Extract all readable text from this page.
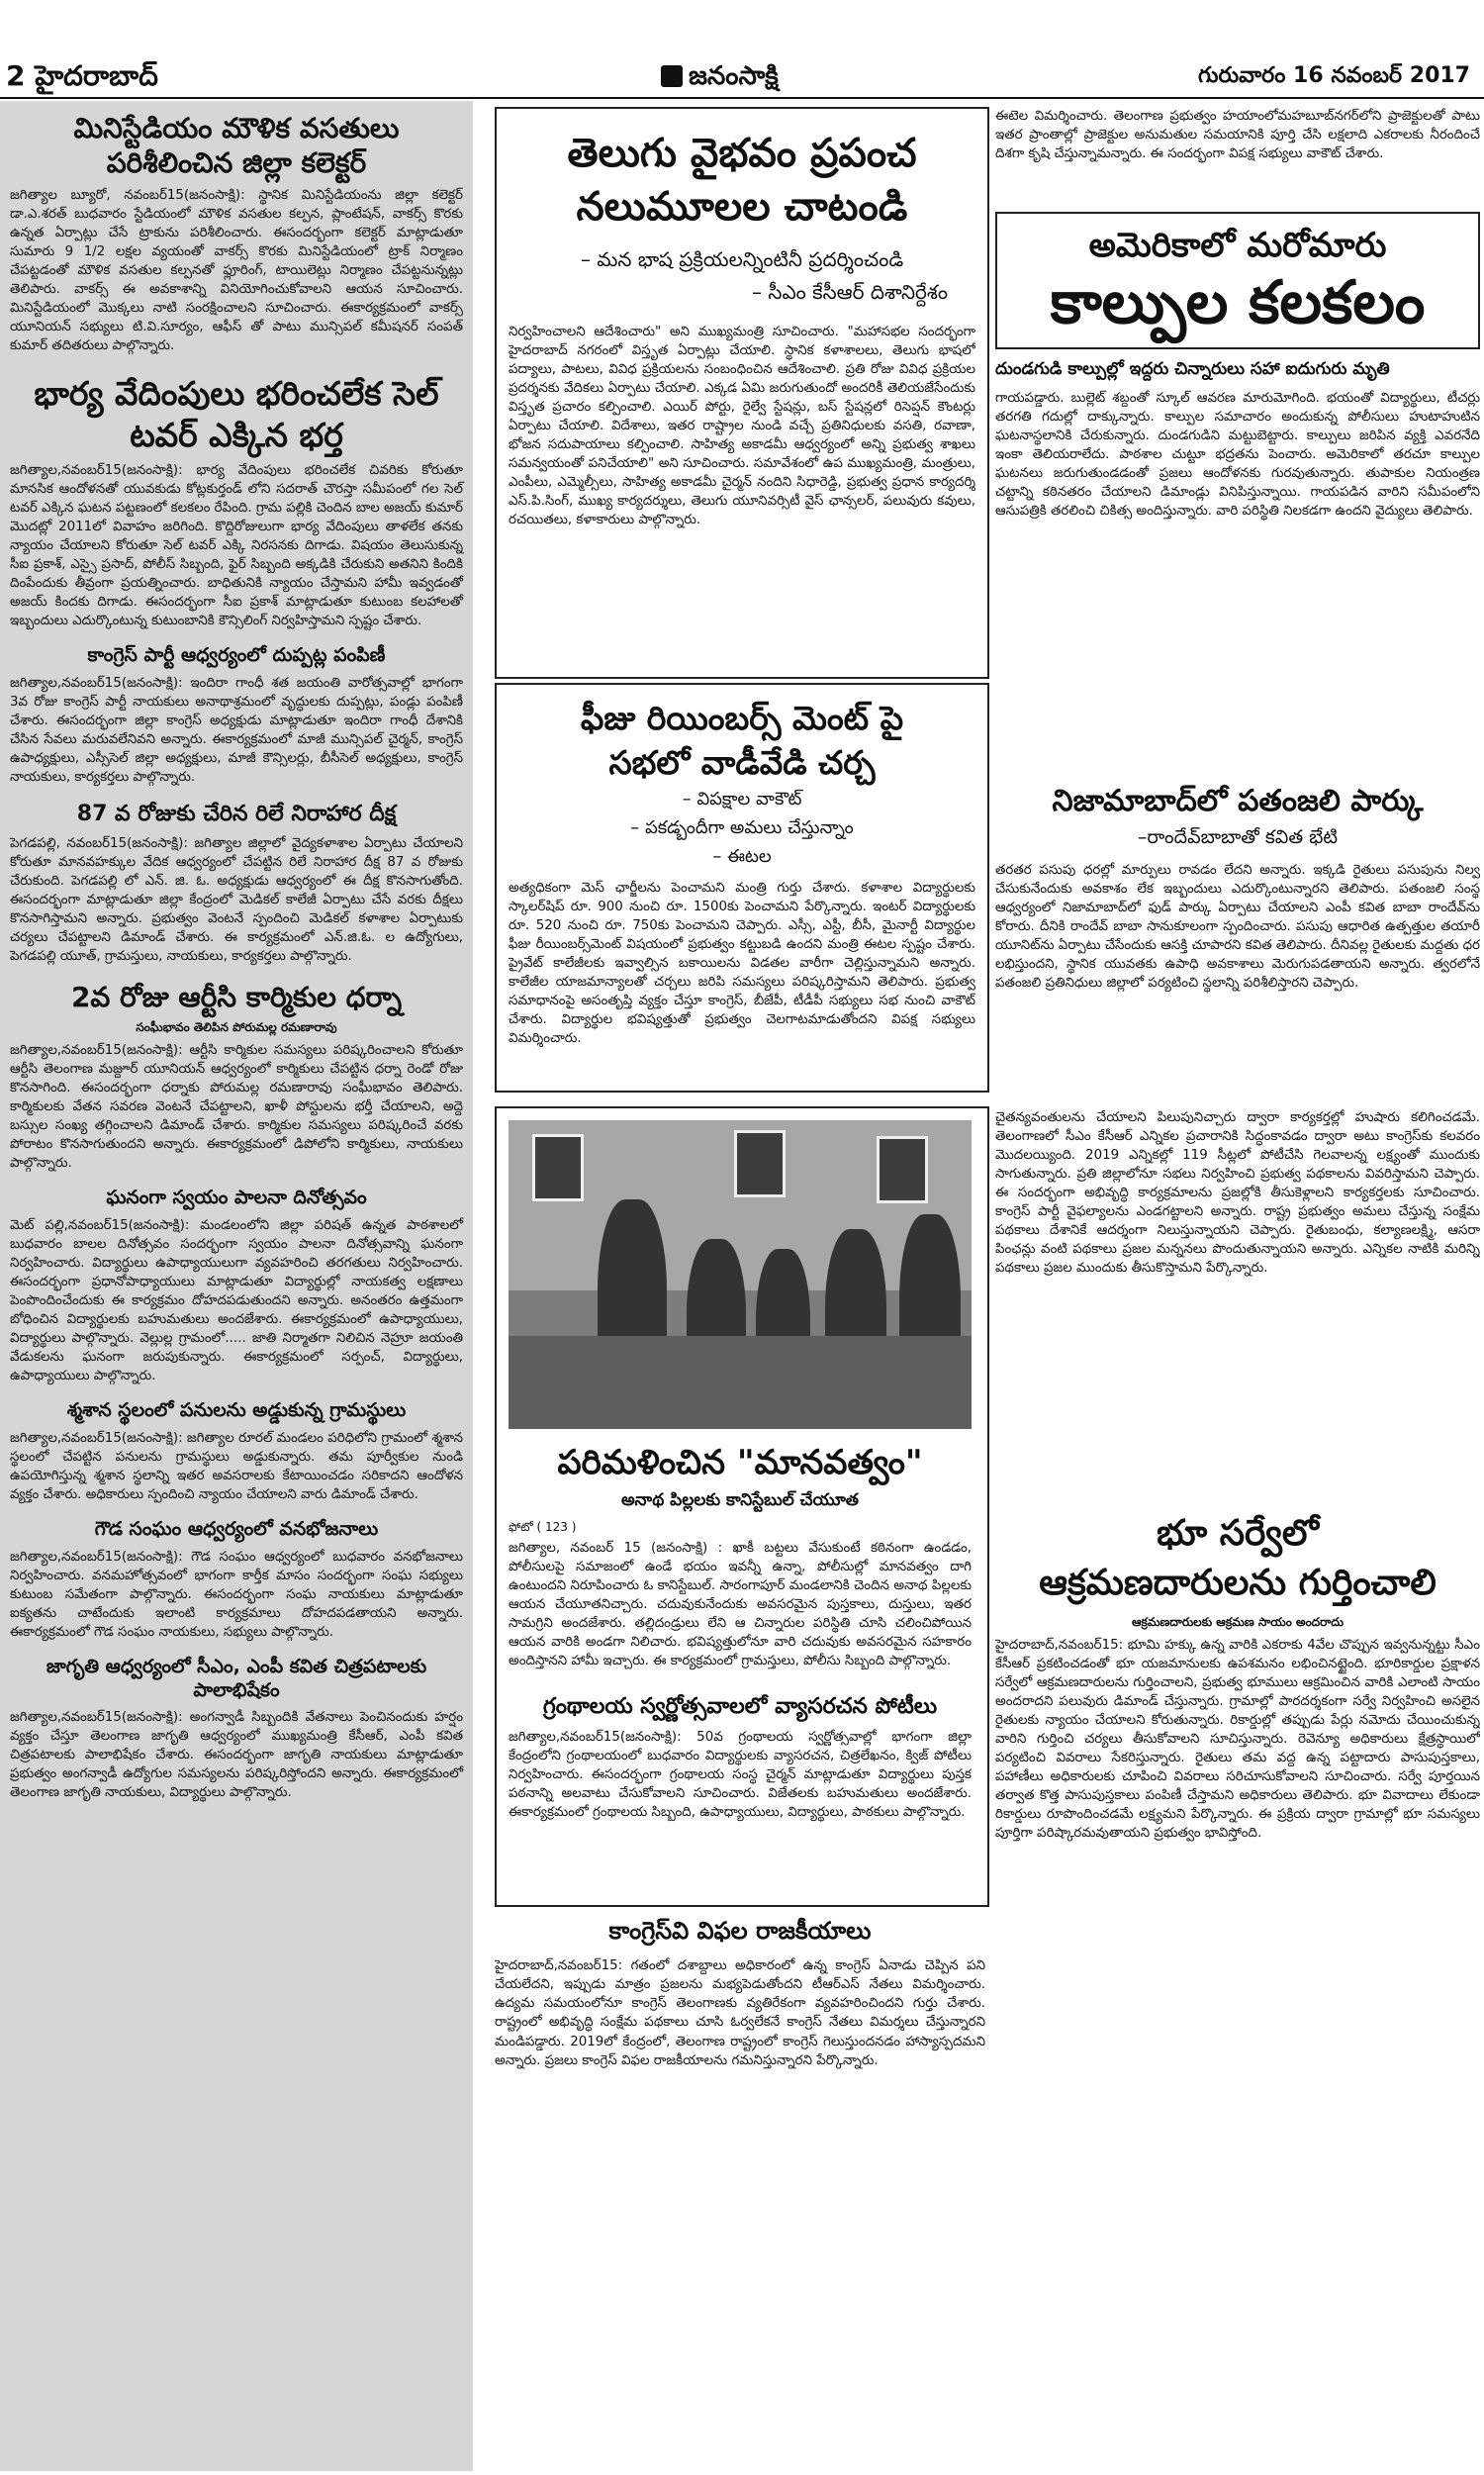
2 హైదరాబాద్	జనంసాక్షి	గురువారం 16 నవంబర్ 2017
మినిస్టేడియం మౌళిక వసతులు పరిశీలించిన జిల్లా కలెక్టర్
జగిత్యాల బ్యూరో, నవంబర్15(జనంసాక్షి): స్థానిక మినిస్టేడియంను జిల్లా కలెక్టర్ డా.ఎ.శరత్ బుధవారం స్టేడియంలో మౌళిక వసతుల కల్పన, ప్లాంటేషన్, వాకర్స్ కొరకు ఉన్నత ఏర్పాట్లు చేసే ట్రాకును పరిశీలించారు. ఈసందర్భంగా కలెక్టర్ మాట్లాడుతూ సుమారు 9 1/2 లక్షల వ్యయంతో వాకర్స్ కొరకు మినిస్టేడియంలో ట్రాక్ నిర్మాణం చేపట్టడంతో మౌళిక వసతుల కల్పనతో ఫ్లూరింగ్, టాయిలెట్లు నిర్మాణం చేపట్టనున్నట్లు తెలిపారు. వాకర్స్ ఈ అవకాశాన్ని వినియోగించుకోవాలని ఆయన సూచించారు. మినిస్టేడియంలో మొక్కలు నాటి సంరక్షించాలని సూచించారు. ఈకార్యక్రమంలో వాకర్స్ యూనియన్ సభ్యులు టి.వి.సూర్యం, ఆఫీస్ తో పాటు మున్సిపల్ కమీషనర్ సంపత్ కుమార్ తదితరులు పాల్గొన్నారు.
భార్య వేదింపులు భరించలేక సెల్ టవర్ ఎక్కిన భర్త
జగిత్యాల,నవంబర్15(జనంసాక్షి): భార్య వేదింపులు భరించలేక చివరికు కోరుతూ మానసిక ఆందోళనతో యువకుడు కోట్లకుర్తండ్ లోని సదరాత్ చౌరస్తా సమీపంలో గల సెల్ టవర్ ఎక్కిన ఘటన పట్టణంలో కలకలం రేపింది. గ్రామ పల్లికి చెందిన బాల అజయ్ కుమార్ మొదట్లో 2011లో వివాహం జరిగింది. కొద్దిరోజులుగా భార్య వేదింపులు తాళలేక తనకు న్యాయం చేయాలని కోరుతూ సెల్ టవర్ ఎక్కి నిరసనకు దిగాడు. విషయం తెలుసుకున్న సీఐ ప్రకాశ్, ఎస్సై ప్రసాద్, పోలీస్ సిబ్బంది, ఫైర్ సిబ్బంది అక్కడికి చేరుకుని అతనిని కిందికి దింపేందుకు తీవ్రంగా ప్రయత్నించారు. బాధితునికి న్యాయం చేస్తామని హామీ ఇవ్వడంతో అజయ్ కిందకు దిగాడు. ఈసందర్భంగా సీఐ ప్రకాశ్ మాట్లాడుతూ కుటుంబ కలహాలతో ఇబ్బందులు ఎదుర్కొంటున్న కుటుంబానికి కౌన్సిలింగ్ నిర్వహిస్తామని స్పష్టం చేశారు.
కాంగ్రెస్ పార్టీ ఆధ్వర్యంలో దుప్పట్ల పంపిణీ
జగిత్యాల,నవంబర్15(జనంసాక్షి): ఇందిరా గాంధీ శత జయంతి వారోత్సవాల్లో భాగంగా 3వ రోజు కాంగ్రెస్ పార్టీ నాయకులు అనాథాశ్రమంలో వృద్ధులకు దుప్పట్లు, పండ్లు పంపిణీ చేశారు. ఈసందర్భంగా జిల్లా కాంగ్రెస్ అధ్యక్షుడు మాట్లాడుతూ ఇందిరా గాంధీ దేశానికి చేసిన సేవలు మరువలేనివని అన్నారు. ఈకార్యక్రమంలో మాజీ మున్సిపల్ చైర్మన్, కాంగ్రెస్ ఉపాధ్యక్షులు, ఎస్సీసెల్ జిల్లా అధ్యక్షులు, మాజీ కౌన్సిలర్లు, బీసీసెల్ అధ్యక్షులు, కాంగ్రెస్ నాయకులు, కార్యకర్తలు పాల్గొన్నారు.
87 వ రోజుకు చేరిన రిలే నిరాహార దీక్ష
పెగడపల్లి, నవంబర్15(జనంసాక్షి): జగిత్యాల జిల్లాలో వైద్యకళాశాల ఏర్పాటు చేయాలని కోరుతూ మానవహక్కుల వేదిక ఆధ్వర్యంలో చేపట్టిన రిలే నిరాహార దీక్ష 87 వ రోజుకు చేరుకుంది. పెగడపల్లి లో ఎన్. జి. ఓ. అధ్యక్షుడు ఆధ్వర్యంలో ఈ దీక్ష కొనసాగుతోంది. ఈసందర్భంగా మాట్లాడుతూ జిల్లా కేంద్రంలో మెడికల్ కాలేజీ ఏర్పాటు చేసే వరకు దీక్షలు కొనసాగిస్తామని అన్నారు. ప్రభుత్వం వెంటనే స్పందించి మెడికల్ కళాశాల ఏర్పాటుకు చర్యలు చేపట్టాలని డిమాండ్ చేశారు. ఈ కార్యక్రమంలో ఎన్.జి.ఓ. ల ఉద్యోగులు, పెగడపల్లి యూత్, గ్రామస్తులు, నాయకులు, కార్యకర్తలు పాల్గొన్నారు.
2వ రోజు ఆర్టీసి కార్మికుల ధర్నా
సంఘీభావం తెలిపిన పోరుమల్ల రమణారావు
జగిత్యాల,నవంబర్15(జనంసాక్షి): ఆర్టీసి కార్మికుల సమస్యలు పరిష్కరించాలని కోరుతూ ఆర్టీసి తెలంగాణ మజ్దూర్ యూనియన్ ఆధ్వర్యంలో కార్మికులు చేపట్టిన ధర్నా రెండో రోజు కొనసాగింది. ఈసందర్భంగా ధర్నాకు పోరుమల్ల రమణారావు సంఘీభావం తెలిపారు. కార్మికులకు వేతన సవరణ వెంటనే చేపట్టాలని, ఖాళీ పోస్టులను భర్తీ చేయాలని, అద్దె బస్సుల సంఖ్య తగ్గించాలని డిమాండ్ చేశారు. కార్మికుల సమస్యలు పరిష్కరించే వరకు పోరాటం కొనసాగుతుందని అన్నారు. ఈకార్యక్రమంలో డిపోలోని కార్మికులు, నాయకులు పాల్గొన్నారు.
ఘనంగా స్వయం పాలనా దినోత్సవం
మెట్ పల్లి,నవంబర్15(జనంసాక్షి): మండలంలోని జిల్లా పరిషత్ ఉన్నత పాఠశాలలో బుధవారం బాలల దినోత్సవం సందర్భంగా స్వయం పాలనా దినోత్సవాన్ని ఘనంగా నిర్వహించారు. విద్యార్థులు ఉపాధ్యాయులుగా వ్యవహరించి తరగతులు నిర్వహించారు. ఈసందర్భంగా ప్రధానోపాధ్యాయులు మాట్లాడుతూ విద్యార్థుల్లో నాయకత్వ లక్షణాలు పెంపొందించేందుకు ఈ కార్యక్రమం దోహదపడుతుందని అన్నారు. అనంతరం ఉత్తమంగా బోధించిన విద్యార్థులకు బహుమతులు అందజేశారు. ఈకార్యక్రమంలో ఉపాధ్యాయులు, విద్యార్థులు పాల్గొన్నారు. వెల్లుల్ల గ్రామంలో..... జాతి నిర్మాతగా నిలిచిన నెహ్రూ జయంతి వేడుకలను ఘనంగా జరుపుకున్నారు. ఈకార్యక్రమంలో సర్పంచ్, విద్యార్థులు, ఉపాధ్యాయులు పాల్గొన్నారు.
శ్మశాన స్థలంలో పనులను అడ్డుకున్న గ్రామస్థులు
జగిత్యాల,నవంబర్15(జనంసాక్షి): జగిత్యాల రూరల్ మండలం పరిధిలోని గ్రామంలో శ్మశాన స్థలంలో చేపట్టిన పనులను గ్రామస్థులు అడ్డుకున్నారు. తమ పూర్వీకుల నుండి ఉపయోగిస్తున్న శ్మశాన స్థలాన్ని ఇతర అవసరాలకు కేటాయించడం సరికాదని ఆందోళన వ్యక్తం చేశారు. అధికారులు స్పందించి న్యాయం చేయాలని వారు డిమాండ్ చేశారు.
గౌడ సంఘం ఆధ్వర్యంలో వనభోజనాలు
జగిత్యాల,నవంబర్15(జనంసాక్షి): గౌడ సంఘం ఆధ్వర్యంలో బుధవారం వనభోజనాలు నిర్వహించారు. వనమహోత్సవంలో భాగంగా కార్తీక మాసం సందర్భంగా సంఘ సభ్యులు కుటుంబ సమేతంగా పాల్గొన్నారు. ఈసందర్భంగా సంఘ నాయకులు మాట్లాడుతూ ఐక్యతను చాటేందుకు ఇలాంటి కార్యక్రమాలు దోహదపడతాయని అన్నారు. ఈకార్యక్రమంలో గౌడ సంఘం నాయకులు, సభ్యులు పాల్గొన్నారు.
జాగృతి ఆధ్వర్యంలో సీఎం, ఎంపీ కవిత చిత్రపటాలకు పాలాభిషేకం
జగిత్యాల,నవంబర్15(జనంసాక్షి): అంగన్వాడీ సిబ్బందికి వేతనాలు పెంచినందుకు హర్షం వ్యక్తం చేస్తూ తెలంగాణ జాగృతి ఆధ్వర్యంలో ముఖ్యమంత్రి కేసీఆర్, ఎంపీ కవిత చిత్రపటాలకు పాలాభిషేకం చేశారు. ఈసందర్భంగా జాగృతి నాయకులు మాట్లాడుతూ ప్రభుత్వం అంగన్వాడీ ఉద్యోగుల సమస్యలను పరిష్కరిస్తోందని అన్నారు. ఈకార్యక్రమంలో తెలంగాణ జాగృతి నాయకులు, విద్యార్థులు పాల్గొన్నారు.
తెలుగు వైభవం ప్రపంచ
నలుమూలల చాటండి
– మన భాష ప్రక్రియలన్నింటినీ ప్రదర్శించండి
– సీఎం కేసీఆర్ దిశానిర్దేశం
నిర్వహించాలని ఆదేశించారు" అని ముఖ్యమంత్రి సూచించారు. "మహాసభల సందర్భంగా హైదరాబాద్ నగరంలో విస్తృత ఏర్పాట్లు చేయాలి. స్థానిక కళాశాలలు, తెలుగు భాషలో పద్యాలు, పాటలు, వివిధ ప్రక్రియలను సంబంధించిన ఆదేశించాలి. ప్రతి రోజు వివిధ ప్రక్రియల ప్రదర్శనకు వేదికలు ఏర్పాటు చేయాలి. ఎక్కడ ఏమి జరుగుతుందో అందరికీ తెలియజేసేందుకు విస్తృత ప్రచారం కల్పించాలి. ఎయిర్ పోర్టు, రైల్వే స్టేషన్లు, బస్ స్టేషన్లలో రిసెప్షన్ కౌంటర్లు ఏర్పాటు చేయాలి. విదేశాలు, ఇతర రాష్ట్రాల నుండి వచ్చే ప్రతినిధులకు వసతి, రవాణా, భోజన సదుపాయాలు కల్పించాలి. సాహిత్య అకాడమీ ఆధ్వర్యంలో అన్ని ప్రభుత్వ శాఖలు సమన్వయంతో పనిచేయాలి" అని సూచించారు. సమావేశంలో ఉప ముఖ్యమంత్రి, మంత్రులు, ఎంపీలు, ఎమ్మెల్సీలు, సాహిత్య అకాడమీ చైర్మన్ నందిని సిధారెడ్డి, ప్రభుత్వ ప్రధాన కార్యదర్శి ఎస్.పి.సింగ్, ముఖ్య కార్యదర్శులు, తెలుగు యూనివర్సిటీ వైస్ ఛాన్సలర్, పలువురు కవులు, రచయితలు, కళాకారులు పాల్గొన్నారు.
ఫీజు రియింబర్స్ మెంట్ పై
సభలో వాడీవేడి చర్చ
– విపక్షాల వాకౌట్
– పకడ్బందీగా అమలు చేస్తున్నాం
– ఈటల
అత్యధికంగా మెస్ ఛార్జీలను పెంచామని మంత్రి గుర్తు చేశారు. కళాశాల విద్యార్థులకు స్కాలర్‌షిప్ రూ. 900 నుంచి రూ. 1500కు పెంచామని పేర్కొన్నారు. ఇంటర్ విద్యార్థులకు రూ. 520 నుంచి రూ. 750కు పెంచామని చెప్పారు. ఎస్సీ, ఎస్టీ, బీసీ, మైనార్టీ విద్యార్థుల ఫీజు రీయింబర్స్‌మెంట్ విషయంలో ప్రభుత్వం కట్టుబడి ఉందని మంత్రి ఈటల స్పష్టం చేశారు. ప్రైవేట్ కాలేజీలకు ఇవ్వాల్సిన బకాయిలను విడతల వారీగా చెల్లిస్తున్నామని అన్నారు. కాలేజీల యాజమాన్యాలతో చర్చలు జరిపి సమస్యలు పరిష్కరిస్తామని తెలిపారు. ప్రభుత్వ సమాధానంపై అసంతృప్తి వ్యక్తం చేస్తూ కాంగ్రెస్, బీజేపీ, టీడీపీ సభ్యులు సభ నుంచి వాకౌట్ చేశారు. విద్యార్థుల భవిష్యత్తుతో ప్రభుత్వం చెలగాటమాడుతోందని విపక్ష సభ్యులు విమర్శించారు.
ఈటెల విమర్శించారు. తెలంగాణ ప్రభుత్వం హయాంలోమహబూబ్‌నగర్‌లోని ప్రాజెక్టులతో పాటు ఇతర ప్రాంతాల్లో ప్రాజెక్టుల అనుమతుల సమయానికి పూర్తి చేసి లక్షలాది ఎకరాలకు నీరందించే దిశగా కృషి చేస్తున్నామన్నారు. ఈ సందర్భంగా విపక్ష సభ్యులు వాకౌట్ చేశారు.
అమెరికాలో మరోమారు
కాల్పుల కలకలం
దుండగుడి కాల్పుల్లో ఇద్దరు చిన్నారులు సహా ఐదుగురు మృతి
గాయపడ్డారు. బుల్లెట్ శబ్దంతో స్కూల్ ఆవరణ మారుమోగింది. భయంతో విద్యార్థులు, టీచర్లు తరగతి గదుల్లో దాక్కున్నారు. కాల్పుల సమాచారం అందుకున్న పోలీసులు హుటాహుటిన ఘటనాస్థలానికి చేరుకున్నారు. దుండగుడిని మట్టుబెట్టారు. కాల్పులు జరిపిన వ్యక్తి ఎవరనేది ఇంకా తెలియరాలేదు. పాఠశాల చుట్టూ భద్రతను పెంచారు. అమెరికాలో తరచూ కాల్పుల ఘటనలు జరుగుతుండడంతో ప్రజలు ఆందోళనకు గురవుతున్నారు. తుపాకుల నియంత్రణ చట్టాన్ని కఠినతరం చేయాలని డిమాండ్లు వినిపిస్తున్నాయి. గాయపడిన వారిని సమీపంలోని ఆసుపత్రికి తరలించి చికిత్స అందిస్తున్నారు. వారి పరిస్థితి నిలకడగా ఉందని వైద్యులు తెలిపారు.
నిజామాబాద్‌లో పతంజలి పార్కు
–రాందేవ్‌బాబాతో కవిత భేటి
తరతర పసుపు ధరల్లో మార్పులు రావడం లేదని అన్నారు. ఇక్కడి రైతులు పసుపును నిల్వ చేసుకునేందుకు అవకాశం లేక ఇబ్బందులు ఎదుర్కొంటున్నారని తెలిపారు. పతంజలి సంస్థ ఆధ్వర్యంలో నిజామాబాద్‌లో ఫుడ్ పార్కు ఏర్పాటు చేయాలని ఎంపీ కవిత బాబా రాందేవ్‌ను కోరారు. దీనికి రాందేవ్ బాబా సానుకూలంగా స్పందించారు. పసుపు ఆధారిత ఉత్పత్తుల తయారీ యూనిట్‌ను ఏర్పాటు చేసేందుకు ఆసక్తి చూపారని కవిత తెలిపారు. దీనివల్ల రైతులకు మద్దతు ధర లభిస్తుందని, స్థానిక యువతకు ఉపాధి అవకాశాలు మెరుగుపడతాయని అన్నారు. త్వరలోనే పతంజలి ప్రతినిధులు జిల్లాలో పర్యటించి స్థలాన్ని పరిశీలిస్తారని చెప్పారు.
పరిమళించిన "మానవత్వం"
అనాథ పిల్లలకు కానిస్టేబుల్ చేయూత
ఫోటో ( 123 )
జగిత్యాల, నవంబర్ 15 (జనంసాక్షి) : ఖాకీ బట్టలు వేసుకుంటే కఠినంగా ఉండడం, పోలీసులపై సమాజంలో ఉండే భయం ఇవన్నీ ఉన్నా, పోలీసుల్లో మానవత్వం దాగి ఉంటుందని నిరూపించారు ఓ కానిస్టేబుల్. సారంగాపూర్ మండలానికి చెందిన అనాథ పిల్లలకు ఆయన చేయూతనిచ్చారు. చదువుకునేందుకు అవసరమైన పుస్తకాలు, దుస్తులు, ఇతర సామగ్రిని అందజేశారు. తల్లిదండ్రులు లేని ఆ చిన్నారుల పరిస్థితి చూసి చలించిపోయిన ఆయన వారికి అండగా నిలిచారు. భవిష్యత్తులోనూ వారి చదువుకు అవసరమైన సహకారం అందిస్తానని హామీ ఇచ్చారు. ఈ కార్యక్రమంలో గ్రామస్తులు, పోలీసు సిబ్బంది పాల్గొన్నారు.
గ్రంథాలయ స్వర్ణోత్సవాలలో వ్యాసరచన పోటీలు
జగిత్యాల,నవంబర్15(జనంసాక్షి): 50వ గ్రంథాలయ స్వర్ణోత్సవాల్లో భాగంగా జిల్లా కేంద్రంలోని గ్రంథాలయంలో బుధవారం విద్యార్థులకు వ్యాసరచన, చిత్రలేఖనం, క్విజ్ పోటీలు నిర్వహించారు. ఈసందర్భంగా గ్రంథాలయ సంస్థ చైర్మన్ మాట్లాడుతూ విద్యార్థులు పుస్తక పఠనాన్ని అలవాటు చేసుకోవాలని సూచించారు. విజేతలకు బహుమతులు అందజేశారు. ఈకార్యక్రమంలో గ్రంథాలయ సిబ్బంది, ఉపాధ్యాయులు, విద్యార్థులు, పాఠకులు పాల్గొన్నారు.
కాంగ్రెస్‌వి విఫల రాజకీయాలు
హైదరాబాద్,నవంబర్15: గతంలో దశాబ్దాలు అధికారంలో ఉన్న కాంగ్రెస్ ఏనాడు చెప్పిన పని చేయలేదని, ఇప్పుడు మాత్రం ప్రజలను మభ్యపెడుతోందని టీఆర్ఎస్ నేతలు విమర్శించారు. ఉద్యమ సమయంలోనూ కాంగ్రెస్ తెలంగాణకు వ్యతిరేకంగా వ్యవహరించిందని గుర్తు చేశారు. రాష్ట్రంలో అభివృద్ధి సంక్షేమ పథకాలు చూసి ఓర్వలేకనే కాంగ్రెస్ నేతలు విమర్శలు చేస్తున్నారని మండిపడ్డారు. 2019లో కేంద్రంలో, తెలంగాణ రాష్ట్రంలో కాంగ్రెస్ గెలుస్తుందనడం హాస్యాస్పదమని అన్నారు. ప్రజలు కాంగ్రెస్ విఫల రాజకీయాలను గమనిస్తున్నారని పేర్కొన్నారు.
చైతన్యవంతులను చేయాలని పిలుపునిచ్చారు ద్వారా కార్యకర్తల్లో హుషారు కలిగించడమే. తెలంగాణలో సీఎం కేసీఆర్ ఎన్నికల ప్రచారానికి సిద్ధంకావడం ద్వారా అటు కాంగ్రెస్‌కు కలవరం మొదలయ్యింది. 2019 ఎన్నికల్లో 119 సీట్లలో పోటీచేసి గెలవాలన్న లక్ష్యంతో ముందుకు సాగుతున్నారు. ప్రతి జిల్లాలోనూ సభలు నిర్వహించి ప్రభుత్వ పథకాలను వివరిస్తామని చెప్పారు. ఈ సందర్భంగా అభివృద్ధి కార్యక్రమాలను ప్రజల్లోకి తీసుకెళ్లాలని కార్యకర్తలకు సూచించారు. కాంగ్రెస్ పార్టీ వైఫల్యాలను ఎండగట్టాలని అన్నారు. రాష్ట్ర ప్రభుత్వం అమలు చేస్తున్న సంక్షేమ పథకాలు దేశానికే ఆదర్శంగా నిలుస్తున్నాయని చెప్పారు. రైతుబంధు, కల్యాణలక్ష్మి, ఆసరా పింఛన్లు వంటి పథకాలు ప్రజల మన్ననలు పొందుతున్నాయని అన్నారు. ఎన్నికల నాటికి మరిన్ని పథకాలు ప్రజల ముందుకు తీసుకొస్తామని పేర్కొన్నారు.
భూ సర్వేలో
ఆక్రమణదారులను గుర్తించాలి
ఆక్రమణదారులకు ఆక్రమణ సాయం అందరాదు
హైదరాబాద్,నవంబర్15: భూమి హక్కు ఉన్న వారికి ఎకరాకు 4వేల చొప్పున ఇవ్వనున్నట్టు సీఎం కేసీఆర్ ప్రకటించడంతో భూ యజమానులకు ఉపశమనం లభించినట్టైంది. భూరికార్డుల ప్రక్షాళన సర్వేలో ఆక్రమణదారులను గుర్తించాలని, ప్రభుత్వ భూములు ఆక్రమించిన వారికి ఎలాంటి సాయం అందరాదని పలువురు డిమాండ్ చేస్తున్నారు. గ్రామాల్లో పారదర్శకంగా సర్వే నిర్వహించి అసలైన రైతులకు న్యాయం చేయాలని కోరుతున్నారు. రికార్డుల్లో తప్పుడు పేర్లు నమోదు చేయించుకున్న వారిని గుర్తించి చర్యలు తీసుకోవాలని సూచిస్తున్నారు. రెవెన్యూ అధికారులు క్షేత్రస్థాయిలో పర్యటించి వివరాలు సేకరిస్తున్నారు. రైతులు తమ వద్ద ఉన్న పట్టాదారు పాసుపుస్తకాలు, పహాణీలు అధికారులకు చూపించి వివరాలు సరిచూసుకోవాలని సూచించారు. సర్వే పూర్తయిన తర్వాత కొత్త పాసుపుస్తకాలు పంపిణీ చేస్తామని అధికారులు తెలిపారు. భూ వివాదాలు లేకుండా రికార్డులు రూపొందించడమే లక్ష్యమని పేర్కొన్నారు. ఈ ప్రక్రియ ద్వారా గ్రామాల్లో భూ సమస్యలు పూర్తిగా పరిష్కారమవుతాయని ప్రభుత్వం భావిస్తోంది.
